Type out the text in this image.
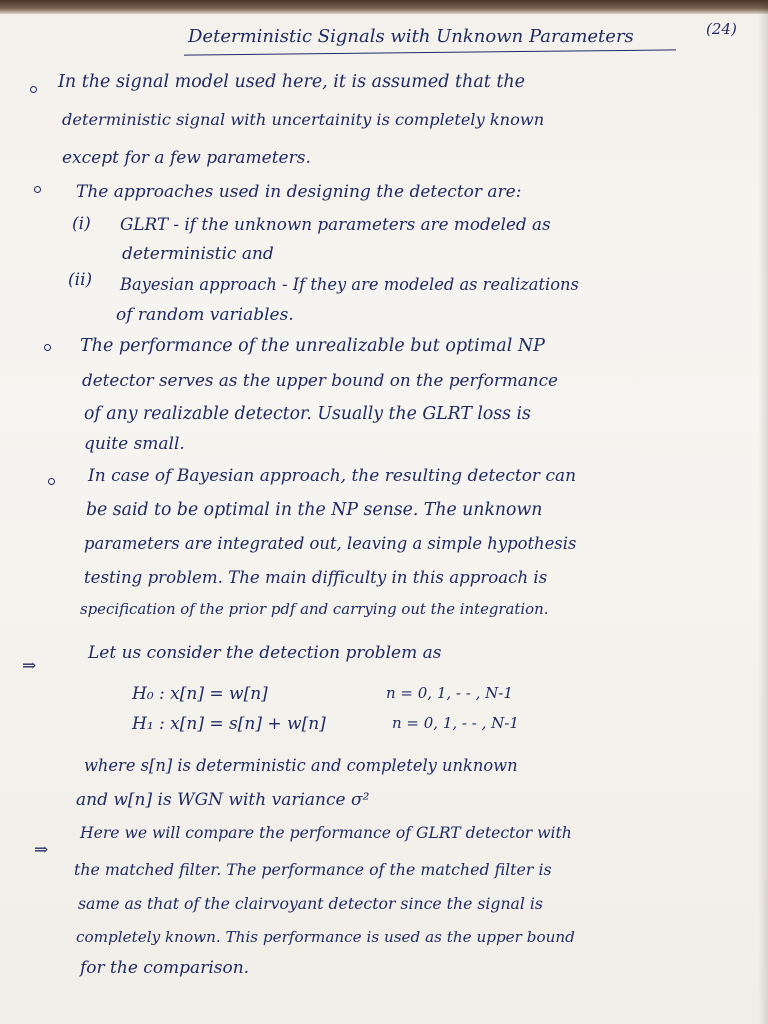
Deterministic Signals with Unknown Parameters	(24)
In the signal model used here, it is assumed that the
deterministic signal with uncertainity is completely known
except for a few parameters.
The approaches used in designing the detector are:
(i) GLRT - if the unknown parameters are modeled as
deterministic and
(ii) Bayesian approach - If they are modeled as realizations
of random variables.
The performance of the unrealizable but optimal NP
detector serves as the upper bound on the performance
of any realizable detector. Usually the GLRT loss is
quite small.
In case of Bayesian approach, the resulting detector can
be said to be optimal in the NP sense. The unknown
parameters are integrated out, leaving a simple hypothesis
testing problem. The main difficulty in this approach is
specification of the prior pdf and carrying out the integration.
⇒
Let us consider the detection problem as
H₀ : x[n] = w[n]	n = 0, 1, - - , N-1
H₁ : x[n] = s[n] + w[n]	n = 0, 1, - - , N-1
where s[n] is deterministic and completely unknown
and w[n] is WGN with variance σ²
⇒
Here we will compare the performance of GLRT detector with
the matched filter. The performance of the matched filter is
same as that of the clairvoyant detector since the signal is
completely known. This performance is used as the upper bound
for the comparison.
